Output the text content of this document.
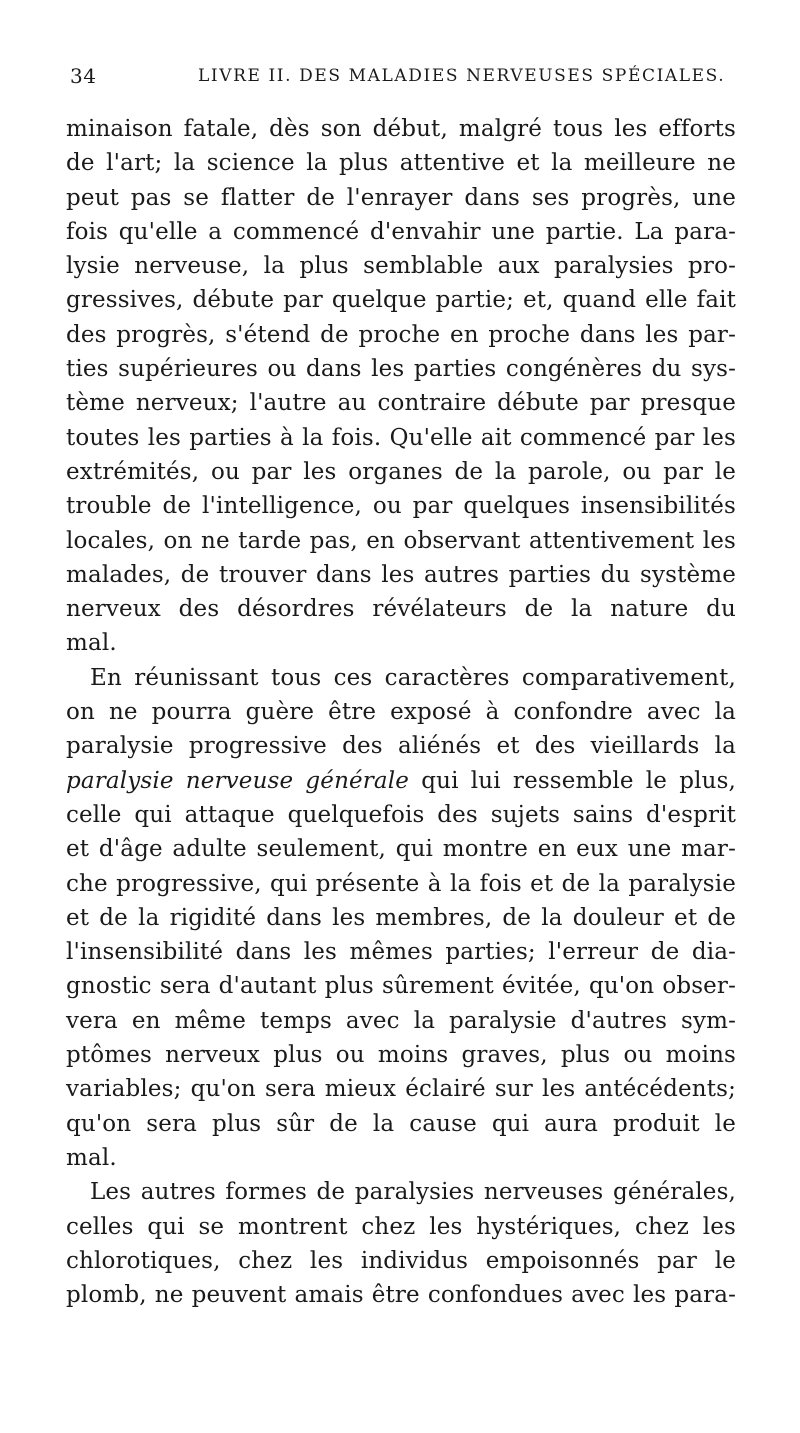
34	LIVRE II. DES MALADIES NERVEUSES SPÉCIALES.
minaison fatale, dès son début, malgré tous les efforts
de l'art; la science la plus attentive et la meilleure ne
peut pas se flatter de l'enrayer dans ses progrès, une
fois qu'elle a commencé d'envahir une partie. La para-
lysie nerveuse, la plus semblable aux paralysies pro-
gressives, débute par quelque partie; et, quand elle fait
des progrès, s'étend de proche en proche dans les par-
ties supérieures ou dans les parties congénères du sys-
tème nerveux; l'autre au contraire débute par presque
toutes les parties à la fois. Qu'elle ait commencé par les
extrémités, ou par les organes de la parole, ou par le
trouble de l'intelligence, ou par quelques insensibilités
locales, on ne tarde pas, en observant attentivement les
malades, de trouver dans les autres parties du système
nerveux des désordres révélateurs de la nature du
mal.
En réunissant tous ces caractères comparativement,
on ne pourra guère être exposé à confondre avec la
paralysie progressive des aliénés et des vieillards la
paralysie nerveuse générale qui lui ressemble le plus,
celle qui attaque quelquefois des sujets sains d'esprit
et d'âge adulte seulement, qui montre en eux une mar-
che progressive, qui présente à la fois et de la paralysie
et de la rigidité dans les membres, de la douleur et de
l'insensibilité dans les mêmes parties; l'erreur de dia-
gnostic sera d'autant plus sûrement évitée, qu'on obser-
vera en même temps avec la paralysie d'autres sym-
ptômes nerveux plus ou moins graves, plus ou moins
variables; qu'on sera mieux éclairé sur les antécédents;
qu'on sera plus sûr de la cause qui aura produit le
mal.
Les autres formes de paralysies nerveuses générales,
celles qui se montrent chez les hystériques, chez les
chlorotiques, chez les individus empoisonnés par le
plomb, ne peuvent amais être confondues avec les para-
